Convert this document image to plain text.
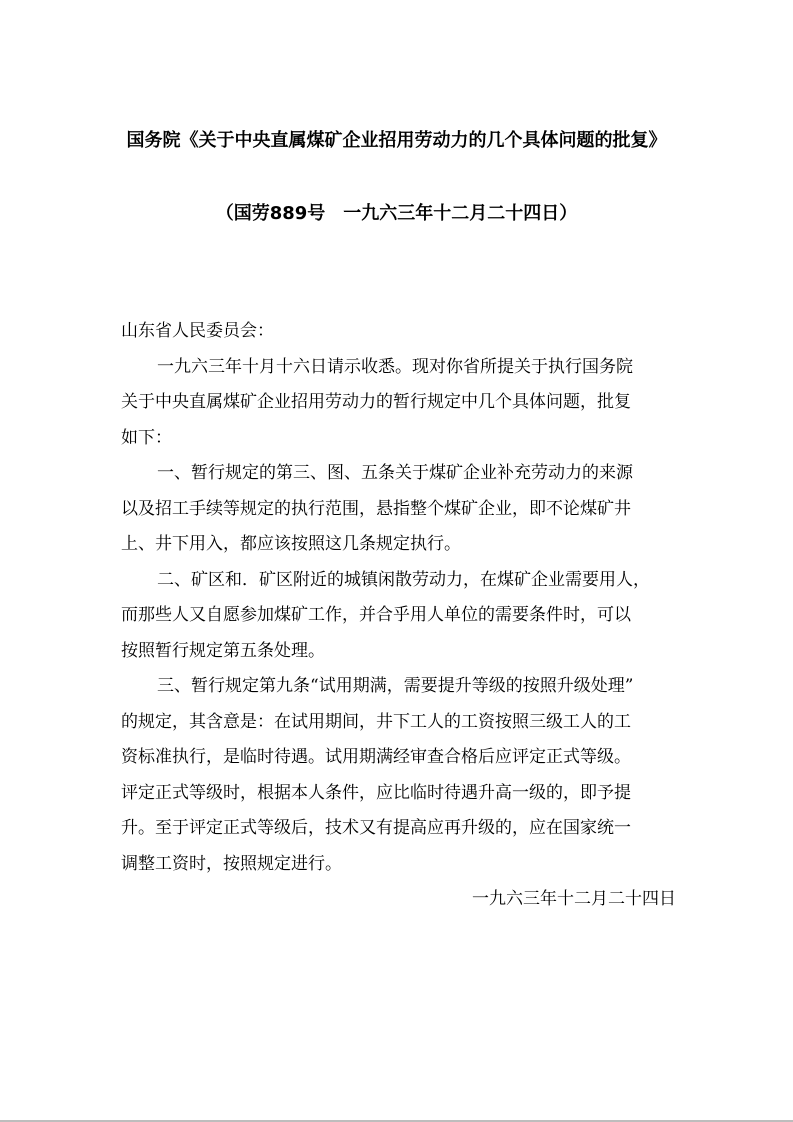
国务院《关于中央直属煤矿企业招用劳动力的几个具体问题的批复》
（国劳889号　一九六三年十二月二十四日）

山东省人民委员会：

一九六三年十月十六日请示收悉。现对你省所提关于执行国务院
关于中央直属煤矿企业招用劳动力的暂行规定中几个具体问题，批复
如下：

一、暂行规定的第三、图、五条关于煤矿企业补充劳动力的来源
以及招工手续等规定的执行范围，悬指整个煤矿企业，即不论煤矿井
上、井下用入，都应该按照这几条规定执行。

二、矿区和．矿区附近的城镇闲散劳动力，在煤矿企业需要用人，
而那些人又自愿参加煤矿工作，并合乎用人单位的需要条件时，可以
按照暂行规定第五条处理。

三、暂行规定第九条“试用期满，需要提升等级的按照升级处理”
的规定，其含意是：在试用期间，井下工人的工资按照三级工人的工
资标准执行，是临时待遇。试用期满经审查合格后应评定正式等级。
评定正式等级时，根据本人条件，应比临时待遇升高一级的，即予提
升。至于评定正式等级后，技术又有提高应再升级的，应在国家统一
调整工资时，按照规定进行。

一九六三年十二月二十四日
